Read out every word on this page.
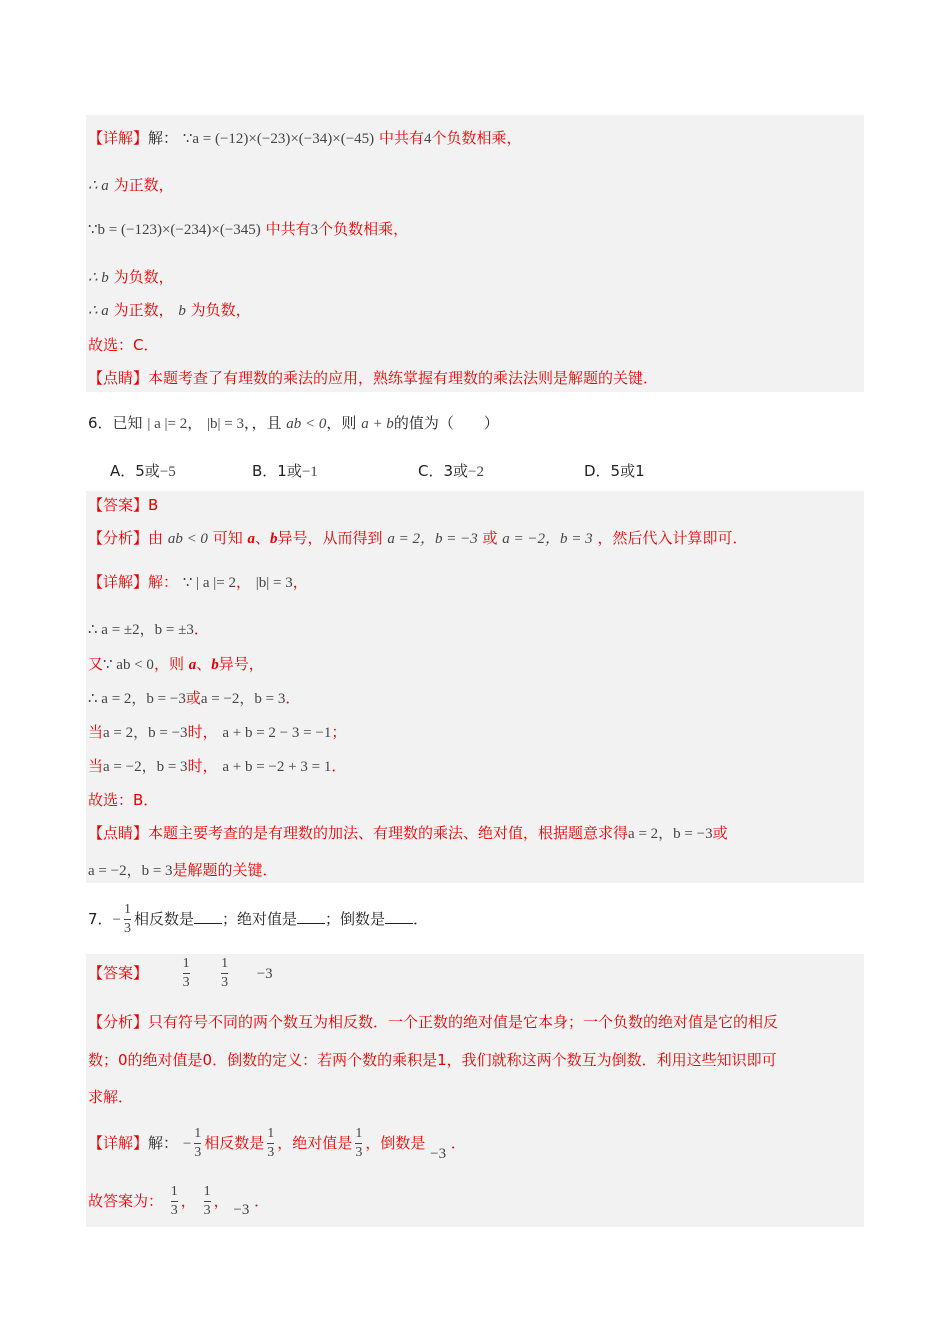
【详解】解： ∵a = (−12)×(−23)×(−34)×(−45) 中共有4个负数相乘，
∴ a 为正数，
∵b = (−123)×(−234)×(−345) 中共有3个负数相乘，
∴ b 为负数，
∴ a 为正数， b 为负数，
故选：C．
【点睛】本题考查了有理数的乘法的应用，熟练掌握有理数的乘法法则是解题的关键．
6．已知 | a |= 2， |b| = 3，，且 ab < 0，则 a + b的值为（　　）
A．5或−5	B．1或−1	C．3或−2	D．5或1
【答案】B
【分析】由 ab < 0 可知 a、b异号，从而得到 a = 2，b = −3 或 a = −2，b = 3 ，然后代入计算即可．
【详解】解： ∵ | a |= 2， |b| = 3，
∴ a = ±2，b = ±3．
又∵ ab < 0，则 a、b异号，
∴ a = 2，b = −3或a = −2，b = 3．
当a = 2，b = −3时， a + b = 2 − 3 = −1；
当a = −2，b = 3时， a + b = −2 + 3 = 1．
故选：B．
【点睛】本题主要考查的是有理数的加法、有理数的乘法、绝对值，根据题意求得a = 2，b = −3或
a = −2，b = 3是解题的关键．
7．− $\frac{1}{3}$ 相反数是 ；绝对值是 ；倒数是 ．
【答案】 $\frac{1}{3}$
$\frac{1}{3} -3$
【分析】只有符号不同的两个数互为相反数．一个正数的绝对值是它本身；一个负数的绝对值是它的相反
数；0的绝对值是0．倒数的定义：若两个数的乘积是1，我们就称这两个数互为倒数．利用这些知识即可
求解．
【详解】解： − $\frac{1}{3}$ 相反数是 $\frac{1}{3}$ ，绝对值是 $\frac{1}{3}$ ，倒数是 −3 ．
故答案为： $\frac{1}{3}$ ， $\frac{1}{3}$ ， −3 ．
